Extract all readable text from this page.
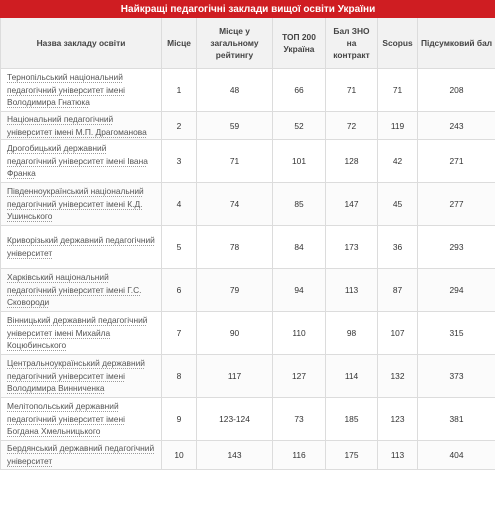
Найкращі педагогічні заклади вищої освіти України						
Назва закладу освіти	Місце	Місце у загальному рейтингу	ТОП 200 Україна	Бал ЗНО на контракт	Scopus	Підсумковий бал
Тернопільський національний педагогічний університет імені Володимира Гнатюка	1	48	66	71	71	208
Національний педагогічний університет імені М.П. Драгоманова	2	59	52	72	119	243
Дрогобицький державний педагогічний університет імені Івана Франка	3	71	101	128	42	271
Південноукраїнський національний педагогічний університет імені К.Д. Ушинського	4	74	85	147	45	277
Криворізький державний педагогічний університет	5	78	84	173	36	293
Харківський національний педагогічний університет імені Г.С. Сковороди	6	79	94	113	87	294
Вінницький державний педагогічний університет імені Михайла Коцюбинського	7	90	110	98	107	315
Центральноукраїнський державний педагогічний університет імені Володимира Винниченка	8	117	127	114	132	373
Мелітопольський державний педагогічний університет імені Богдана Хмельницького	9	123-124	73	185	123	381
Бердянський державний педагогічний університет	10	143	116	175	113	404
